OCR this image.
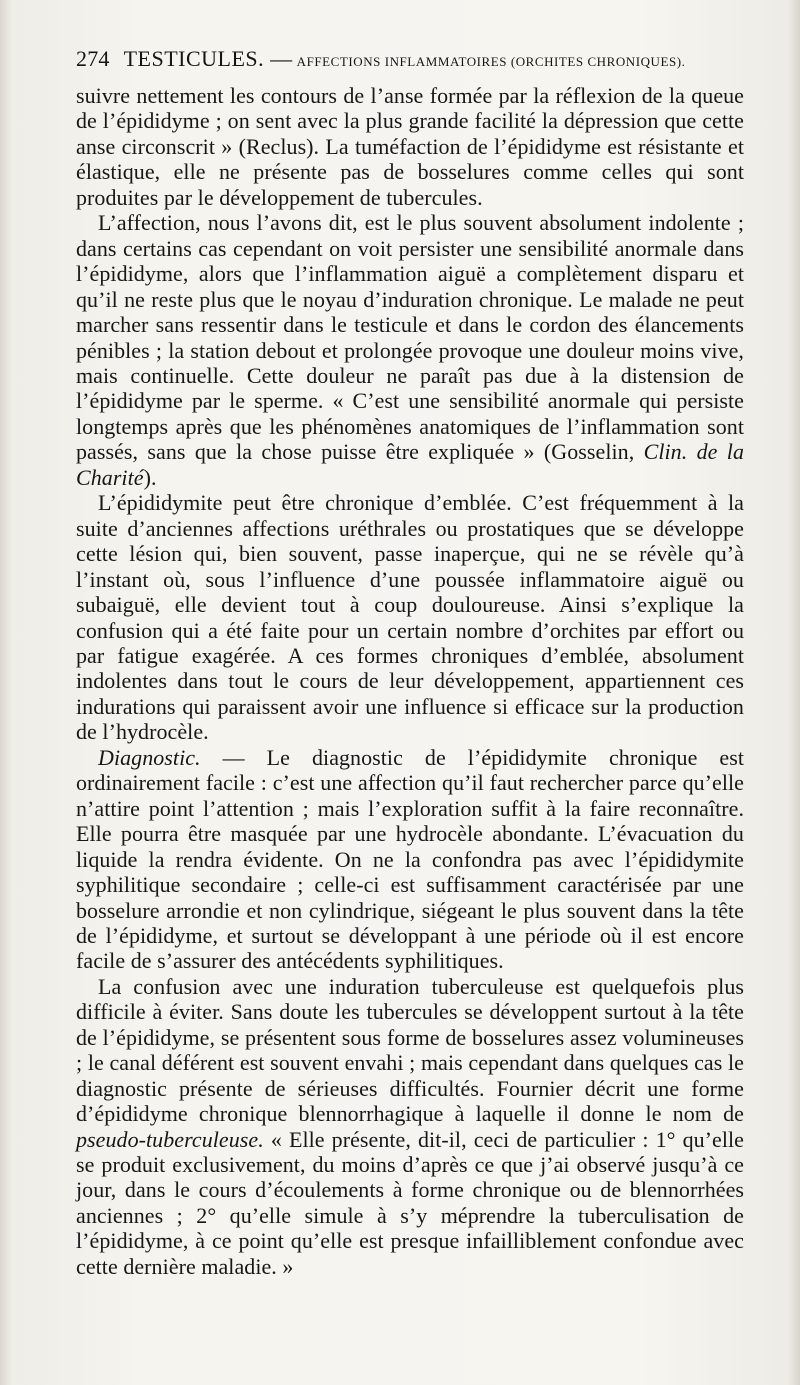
274 TESTICULES. — AFFECTIONS INFLAMMATOIRES (ORCHITES CHRONIQUES).

suivre nettement les contours de l’anse formée par la réflexion de la queue de l’épididyme ; on sent avec la plus grande facilité la dépression que cette anse circonscrit » (Reclus). La tuméfaction de l’épididyme est résistante et élastique, elle ne présente pas de bosselures comme celles qui sont produites par le développement de tubercules.

L’affection, nous l’avons dit, est le plus souvent absolument indolente ; dans certains cas cependant on voit persister une sensibilité anormale dans l’épididyme, alors que l’inflammation aiguë a complètement disparu et qu’il ne reste plus que le noyau d’induration chronique. Le malade ne peut marcher sans ressentir dans le testicule et dans le cordon des élancements pénibles ; la station debout et prolongée provoque une douleur moins vive, mais continuelle. Cette douleur ne paraît pas due à la distension de l’épididyme par le sperme. « C’est une sensibilité anormale qui persiste longtemps après que les phénomènes anatomiques de l’inflammation sont passés, sans que la chose puisse être expliquée » (Gosselin, Clin. de la Charité).

L’épididymite peut être chronique d’emblée. C’est fréquemment à la suite d’anciennes affections uréthrales ou prostatiques que se développe cette lésion qui, bien souvent, passe inaperçue, qui ne se révèle qu’à l’instant où, sous l’influence d’une poussée inflammatoire aiguë ou subaiguë, elle devient tout à coup douloureuse. Ainsi s’explique la confusion qui a été faite pour un certain nombre d’orchites par effort ou par fatigue exagérée. A ces formes chroniques d’emblée, absolument indolentes dans tout le cours de leur développement, appartiennent ces indurations qui paraissent avoir une influence si efficace sur la production de l’hydrocèle.

Diagnostic. — Le diagnostic de l’épididymite chronique est ordinairement facile : c’est une affection qu’il faut rechercher parce qu’elle n’attire point l’attention ; mais l’exploration suffit à la faire reconnaître. Elle pourra être masquée par une hydrocèle abondante. L’évacuation du liquide la rendra évidente. On ne la confondra pas avec l’épididymite syphilitique secondaire ; celle-ci est suffisamment caractérisée par une bosselure arrondie et non cylindrique, siégeant le plus souvent dans la tête de l’épididyme, et surtout se développant à une période où il est encore facile de s’assurer des antécédents syphilitiques.

La confusion avec une induration tuberculeuse est quelquefois plus difficile à éviter. Sans doute les tubercules se développent surtout à la tête de l’épididyme, se présentent sous forme de bosselures assez volumineuses ; le canal déférent est souvent envahi ; mais cependant dans quelques cas le diagnostic présente de sérieuses difficultés. Fournier décrit une forme d’épididyme chronique blennorrhagique à laquelle il donne le nom de pseudo-tuberculeuse. « Elle présente, dit-il, ceci de particulier : 1° qu’elle se produit exclusivement, du moins d’après ce que j’ai observé jusqu’à ce jour, dans le cours d’écoulements à forme chronique ou de blennorrhées anciennes ; 2° qu’elle simule à s’y méprendre la tuberculisation de l’épididyme, à ce point qu’elle est presque infailliblement confondue avec cette dernière maladie. »
